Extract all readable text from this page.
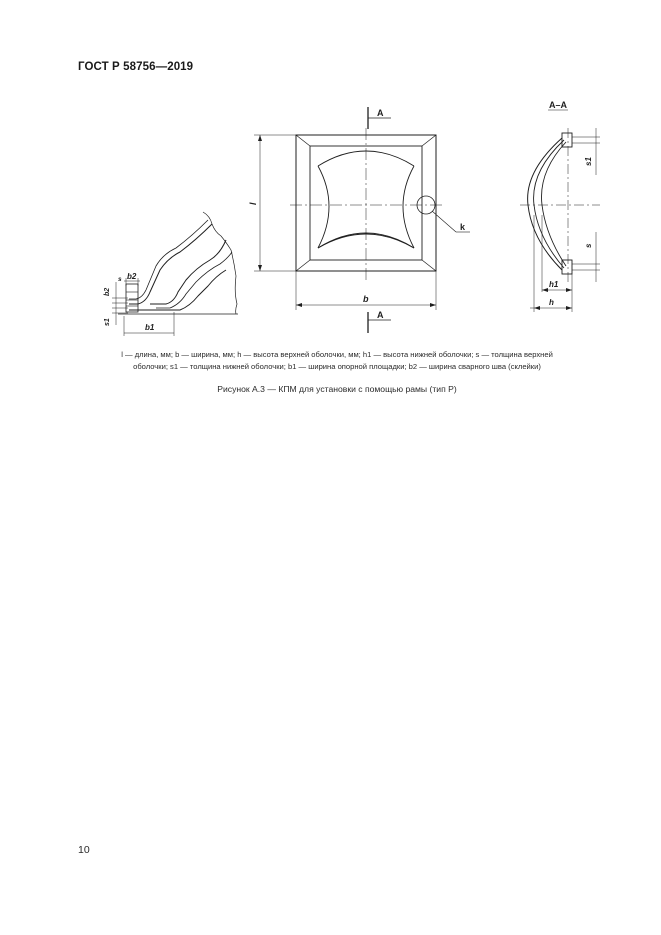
ГОСТ Р 58756—2019
b2
s
b1
b2
s1
A
A
l
b
k
A–A
s1
s
h1
h
l — длина, мм; b — ширина, мм; h — высота верхней оболочки, мм; h1 — высота нижней оболочки; s — толщина верхней
оболочки; s1 — толщина нижней оболочки; b1 — ширина опорной площадки; b2 — ширина сварного шва (склейки)
Рисунок А.3 — КПМ для установки с помощью рамы (тип Р)
10
